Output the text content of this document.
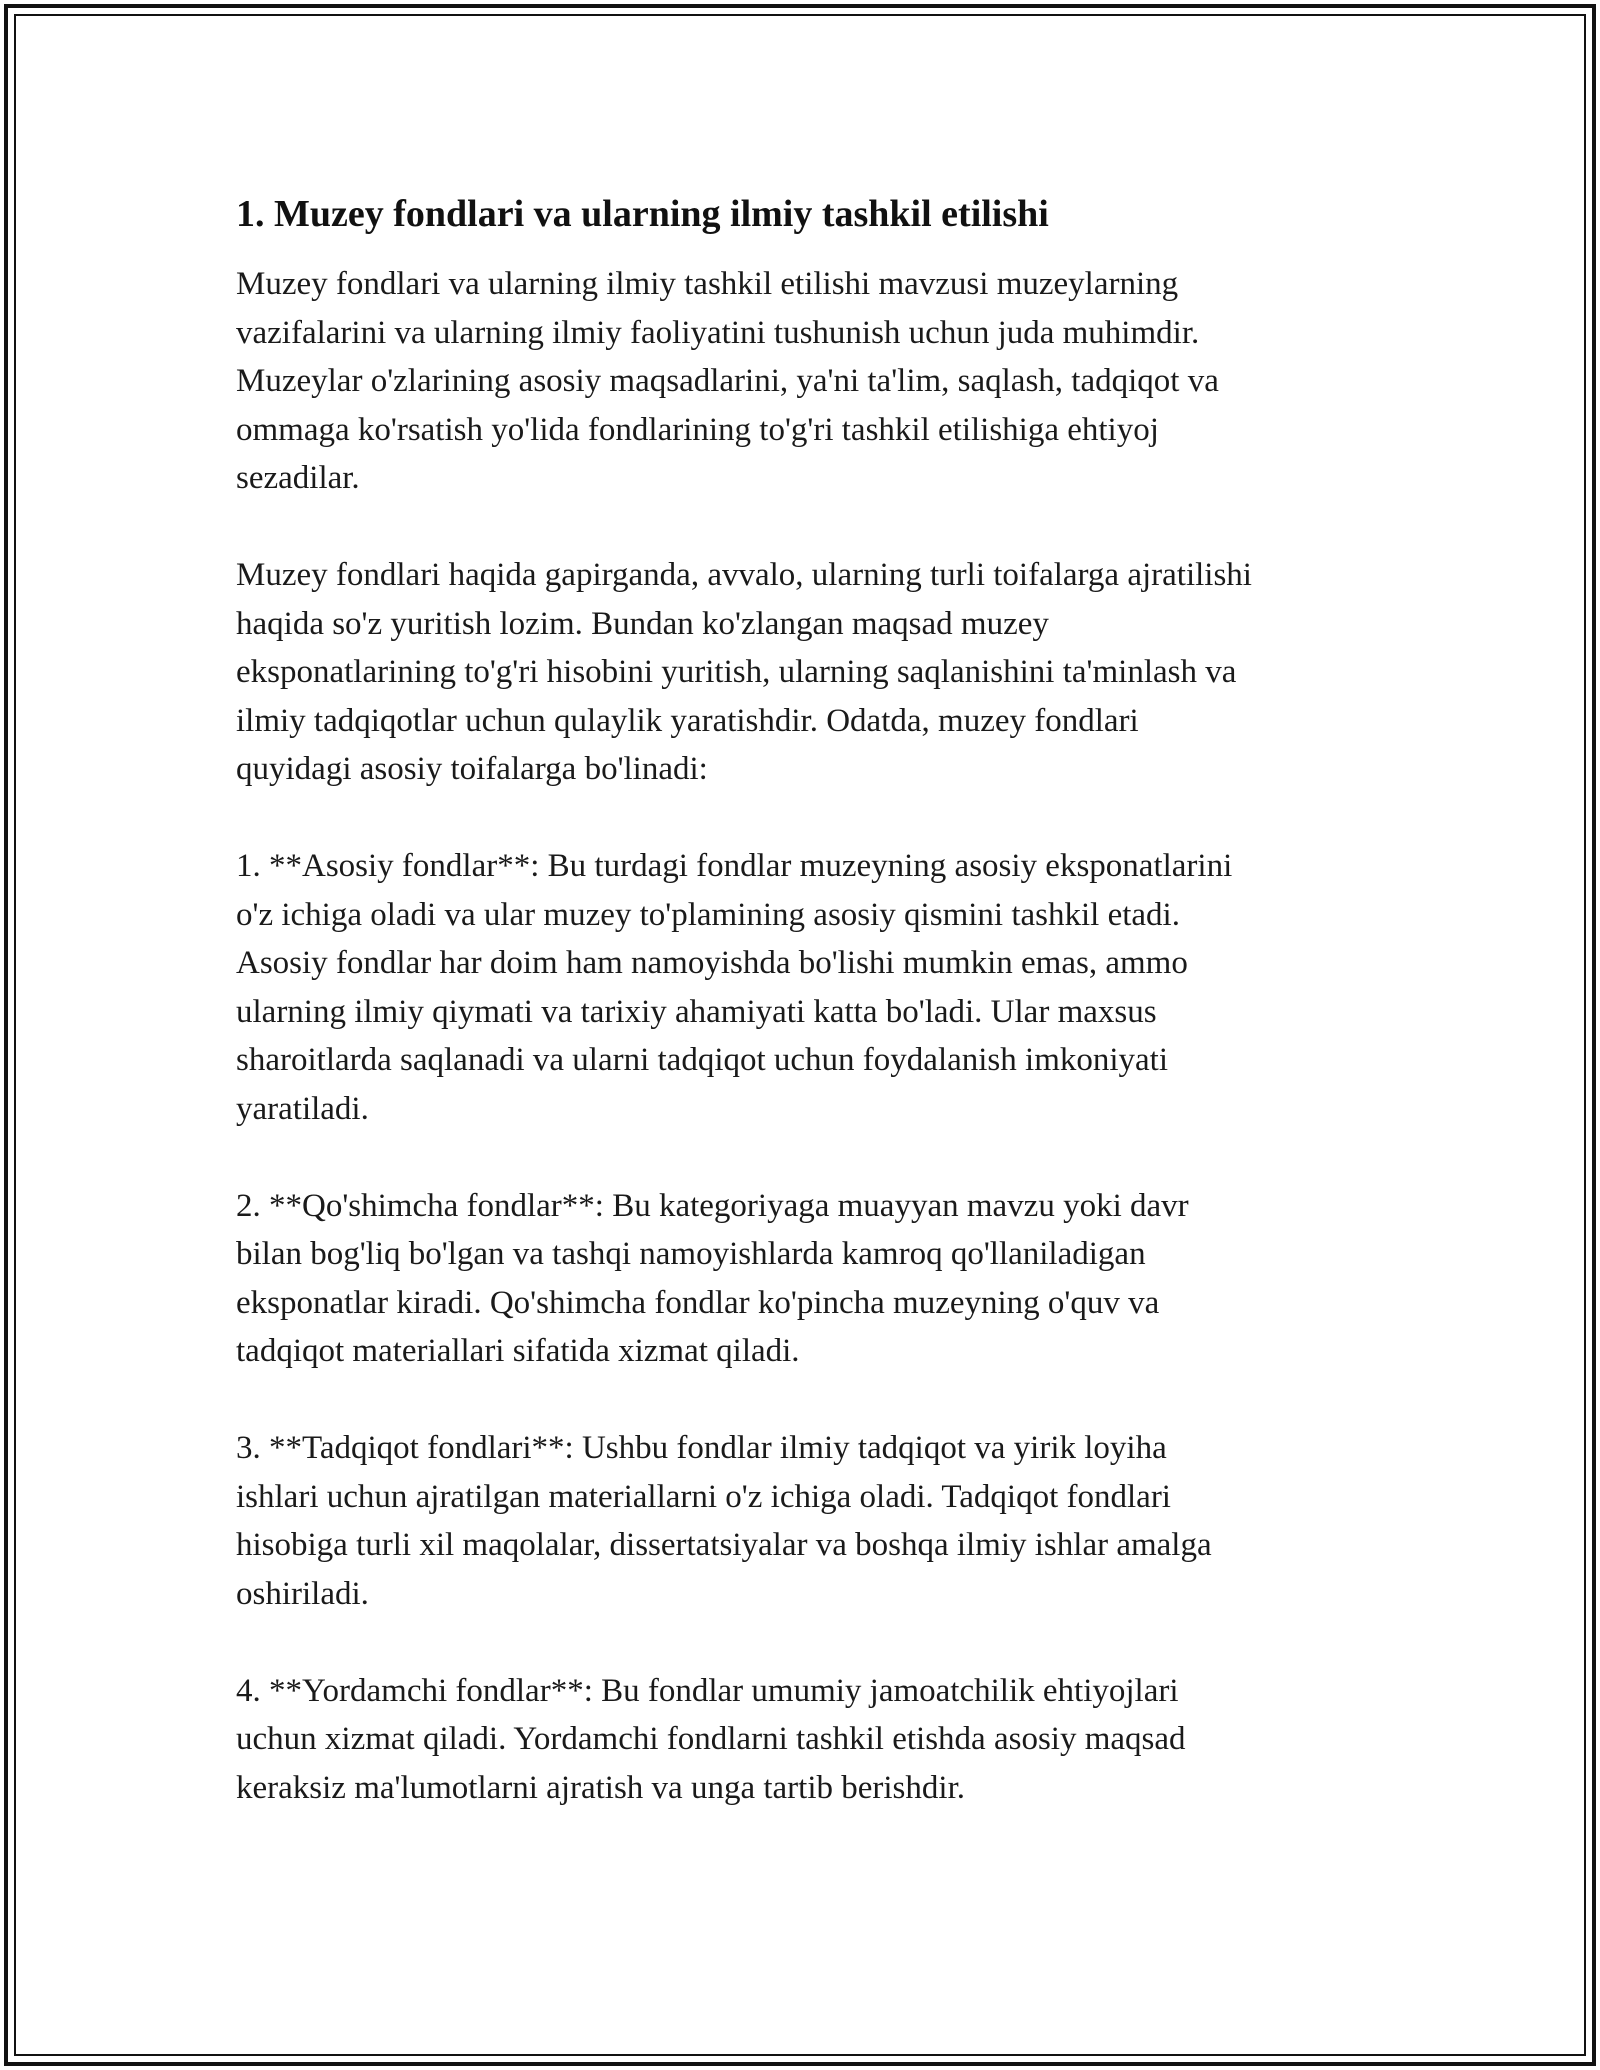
1. Muzey fondlari va ularning ilmiy tashkil etilishi

Muzey fondlari va ularning ilmiy tashkil etilishi mavzusi muzeylarning
vazifalarini va ularning ilmiy faoliyatini tushunish uchun juda muhimdir.
Muzeylar o'zlarining asosiy maqsadlarini, ya'ni ta'lim, saqlash, tadqiqot va
ommaga ko'rsatish yo'lida fondlarining to'g'ri tashkil etilishiga ehtiyoj
sezadilar.

Muzey fondlari haqida gapirganda, avvalo, ularning turli toifalarga ajratilishi
haqida so'z yuritish lozim. Bundan ko'zlangan maqsad muzey
eksponatlarining to'g'ri hisobini yuritish, ularning saqlanishini ta'minlash va
ilmiy tadqiqotlar uchun qulaylik yaratishdir. Odatda, muzey fondlari
quyidagi asosiy toifalarga bo'linadi:

1. **Asosiy fondlar**: Bu turdagi fondlar muzeyning asosiy eksponatlarini
o'z ichiga oladi va ular muzey to'plamining asosiy qismini tashkil etadi.
Asosiy fondlar har doim ham namoyishda bo'lishi mumkin emas, ammo
ularning ilmiy qiymati va tarixiy ahamiyati katta bo'ladi. Ular maxsus
sharoitlarda saqlanadi va ularni tadqiqot uchun foydalanish imkoniyati
yaratiladi.

2. **Qo'shimcha fondlar**: Bu kategoriyaga muayyan mavzu yoki davr
bilan bog'liq bo'lgan va tashqi namoyishlarda kamroq qo'llaniladigan
eksponatlar kiradi. Qo'shimcha fondlar ko'pincha muzeyning o'quv va
tadqiqot materiallari sifatida xizmat qiladi.

3. **Tadqiqot fondlari**: Ushbu fondlar ilmiy tadqiqot va yirik loyiha
ishlari uchun ajratilgan materiallarni o'z ichiga oladi. Tadqiqot fondlari
hisobiga turli xil maqolalar, dissertatsiyalar va boshqa ilmiy ishlar amalga
oshiriladi.

4. **Yordamchi fondlar**: Bu fondlar umumiy jamoatchilik ehtiyojlari
uchun xizmat qiladi. Yordamchi fondlarni tashkil etishda asosiy maqsad
keraksiz ma'lumotlarni ajratish va unga tartib berishdir.
